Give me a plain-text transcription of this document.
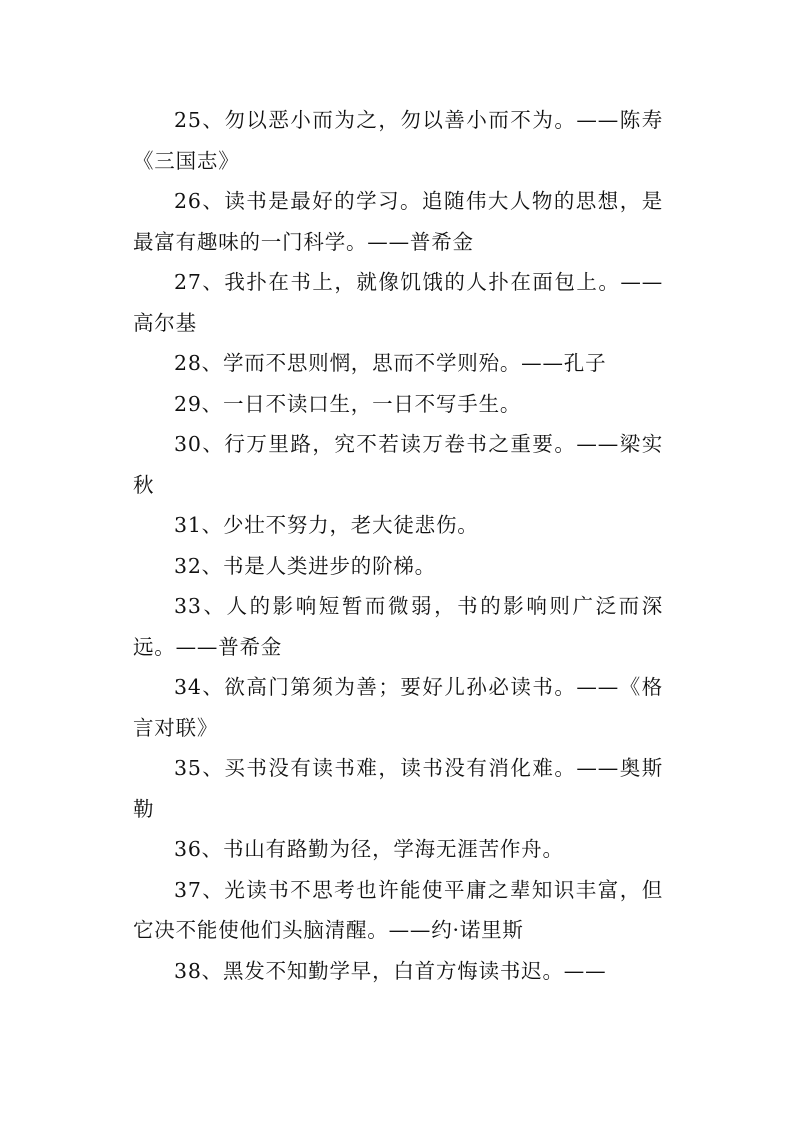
25、勿以恶小而为之，勿以善小而不为。——陈寿《三国志》

26、读书是最好的学习。追随伟大人物的思想，是最富有趣味的一门科学。——普希金

27、我扑在书上，就像饥饿的人扑在面包上。——高尔基

28、学而不思则惘，思而不学则殆。——孔子

29、一日不读口生，一日不写手生。

30、行万里路，究不若读万卷书之重要。——梁实秋

31、少壮不努力，老大徒悲伤。

32、书是人类进步的阶梯。

33、人的影响短暂而微弱，书的影响则广泛而深远。——普希金

34、欲高门第须为善；要好儿孙必读书。——《格言对联》

35、买书没有读书难，读书没有消化难。——奥斯勒

36、书山有路勤为径，学海无涯苦作舟。

37、光读书不思考也许能使平庸之辈知识丰富，但它决不能使他们头脑清醒。——约·诺里斯

38、黑发不知勤学早，白首方悔读书迟。——
